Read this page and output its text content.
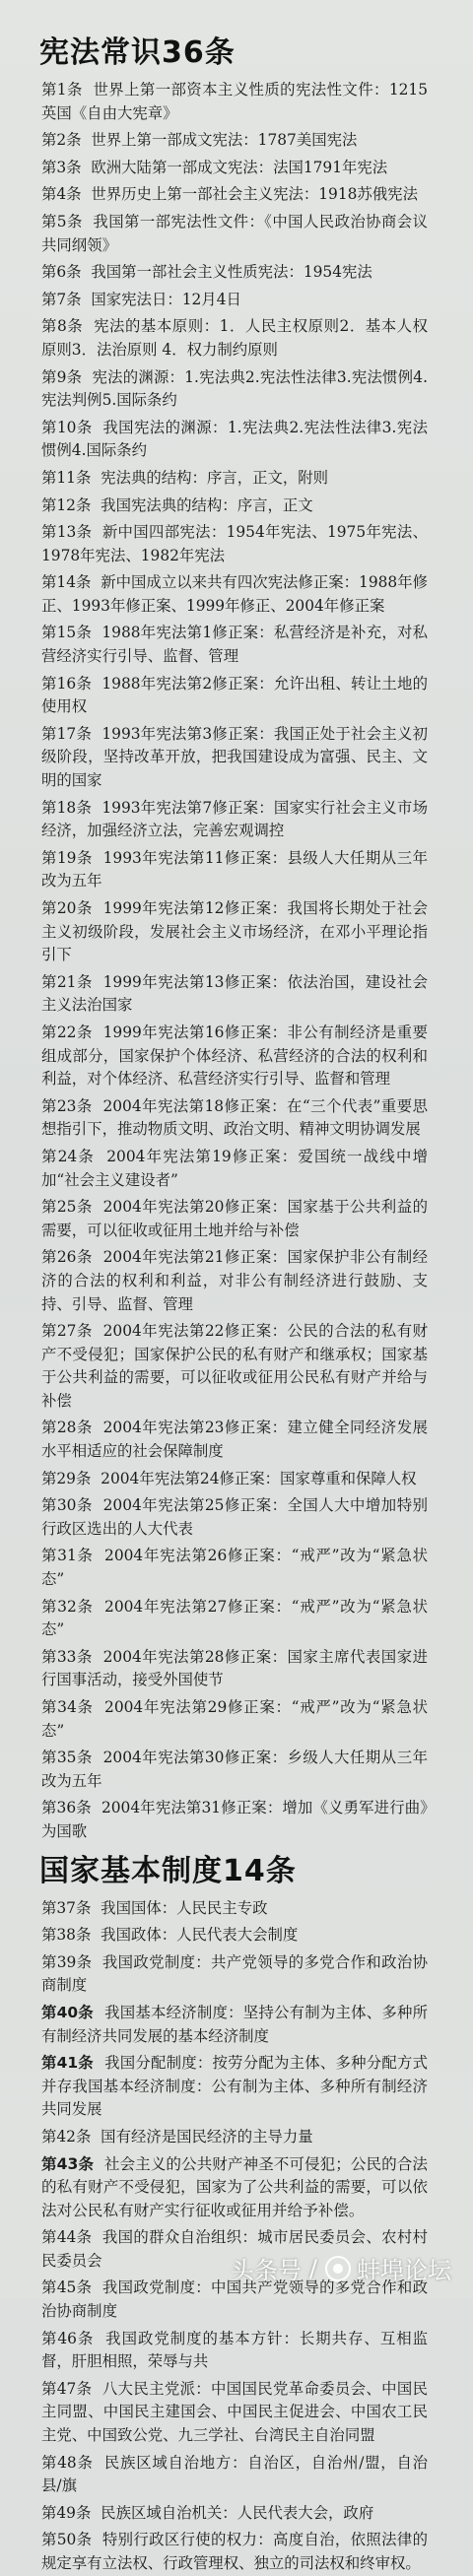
宪法常识36条
第1条 世界上第一部资本主义性质的宪法性文件：1215英国《自由大宪章》
第2条 世界上第一部成文宪法：1787美国宪法
第3条 欧洲大陆第一部成文宪法：法国1791年宪法
第4条 世界历史上第一部社会主义宪法：1918苏俄宪法
第5条 我国第一部宪法性文件：《中国人民政治协商会议共同纲领》
第6条 我国第一部社会主义性质宪法：1954宪法
第7条 国家宪法日：12月4日
第8条 宪法的基本原则：1．人民主权原则2．基本人权原则3．法治原则 4．权力制约原则
第9条 宪法的渊源：1.宪法典2.宪法性法律3.宪法惯例4.宪法判例5.国际条约
第10条 我国宪法的渊源：1.宪法典2.宪法性法律3.宪法惯例4.国际条约
第11条 宪法典的结构：序言，正文，附则
第12条 我国宪法典的结构：序言，正文
第13条 新中国四部宪法：1954年宪法、1975年宪法、1978年宪法、1982年宪法
第14条 新中国成立以来共有四次宪法修正案：1988年修正、1993年修正案、1999年修正、2004年修正案
第15条 1988年宪法第1修正案：私营经济是补充，对私营经济实行引导、监督、管理
第16条 1988年宪法第2修正案：允许出租、转让土地的使用权
第17条 1993年宪法第3修正案：我国正处于社会主义初级阶段，坚持改革开放，把我国建设成为富强、民主、文明的国家
第18条 1993年宪法第7修正案：国家实行社会主义市场经济，加强经济立法，完善宏观调控
第19条 1993年宪法第11修正案：县级人大任期从三年改为五年
第20条 1999年宪法第12修正案：我国将长期处于社会主义初级阶段，发展社会主义市场经济，在邓小平理论指引下
第21条 1999年宪法第13修正案：依法治国，建设社会主义法治国家
第22条 1999年宪法第16修正案：非公有制经济是重要组成部分，国家保护个体经济、私营经济的合法的权利和利益，对个体经济、私营经济实行引导、监督和管理
第23条 2004年宪法第18修正案：在“三个代表”重要思想指引下，推动物质文明、政治文明、精神文明协调发展
第24条 2004年宪法第19修正案：爱国统一战线中增加“社会主义建设者”
第25条 2004年宪法第20修正案：国家基于公共利益的需要，可以征收或征用土地并给与补偿
第26条 2004年宪法第21修正案：国家保护非公有制经济的合法的权利和利益，对非公有制经济进行鼓励、支持、引导、监督、管理
第27条 2004年宪法第22修正案：公民的合法的私有财产不受侵犯；国家保护公民的私有财产和继承权；国家基于公共利益的需要，可以征收或征用公民私有财产并给与补偿
第28条 2004年宪法第23修正案：建立健全同经济发展水平相适应的社会保障制度
第29条 2004年宪法第24修正案：国家尊重和保障人权
第30条 2004年宪法第25修正案：全国人大中增加特别行政区选出的人大代表
第31条 2004年宪法第26修正案：“戒严”改为“紧急状态”
第32条 2004年宪法第27修正案：“戒严”改为“紧急状态”
第33条 2004年宪法第28修正案：国家主席代表国家进行国事活动，接受外国使节
第34条 2004年宪法第29修正案：“戒严”改为“紧急状态”
第35条 2004年宪法第30修正案：乡级人大任期从三年改为五年
第36条 2004年宪法第31修正案：增加《义勇军进行曲》为国歌
国家基本制度14条
第37条 我国国体：人民民主专政
第38条 我国政体：人民代表大会制度
第39条 我国政党制度：共产党领导的多党合作和政治协商制度
第40条 我国基本经济制度：坚持公有制为主体、多种所有制经济共同发展的基本经济制度
第41条 我国分配制度：按劳分配为主体、多种分配方式并存我国基本经济制度：公有制为主体、多种所有制经济共同发展
第42条 国有经济是国民经济的主导力量
第43条 社会主义的公共财产神圣不可侵犯；公民的合法的私有财产不受侵犯，国家为了公共利益的需要，可以依法对公民私有财产实行征收或征用并给予补偿。
第44条 我国的群众自治组织：城市居民委员会、农村村民委员会
第45条 我国政党制度：中国共产党领导的多党合作和政治协商制度
第46条 我国政党制度的基本方针：长期共存、互相监督，肝胆相照，荣辱与共
第47条 八大民主党派：中国国民党革命委员会、中国民主同盟、中国民主建国会、中国民主促进会、中国农工民主党、中国致公党、九三学社、台湾民主自治同盟
第48条 民族区域自治地方：自治区，自治州/盟，自治县/旗
第49条 民族区域自治机关：人民代表大会，政府
第50条 特别行政区行使的权力：高度自治，依照法律的规定享有立法权、行政管理权、独立的司法权和终审权。
头条号 / 蚌埠论坛
